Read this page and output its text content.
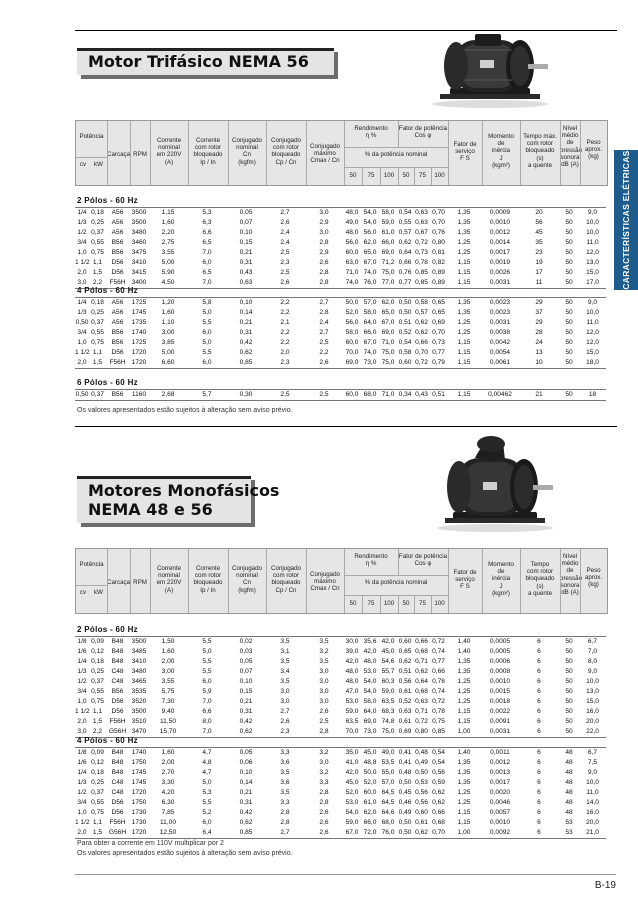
Motor Trifásico NEMA 56
CARACTERÍSTICAS ELÉTRICAS
Potência
cv	kW
Carcaça RPM
Corrente
nominal
em 220V
(A)
Corrente
com rotor
bloqueado
Ip / In
Conjugado
nominal
Cn
(kgfm)
Conjugado
com rotor
bloqueado
Cp / Cn
Conjugado
máximo
Cmax / Cn
Rendimento
η %
Fator de potência
Cos φ
% da potência nominal
50	75	100	50	75	100
Fator de
serviço
F S
Momento
de
inércia
J
(kgm²)
Tempo máx.
com rotor
bloqueado
(s)
a quente
Nível
médio
de
pressão
sonora
dB (A)
Peso
aprox.
(kg)
2 Pólos - 60 Hz
1/4 0,18	A56	3500	1,15	5,3	0,05	2,7	3,0	48,0 54,0 58,0 0,54 0,63 0,70	1,35	0,0009	20	50	9,0
1/3 0,25	A56	3500	1,60	6,3	0,07	2,6	2,9	49,0 54,0 59,0 0,55 0,63 0,70	1,35	0,0010	56	50	10,0
1/2 0,37	A56	3480	2,20	6,6	0,10	2,4	3,0	48,0 56,0 61,0 0,57 0,67 0,76	1,35	0,0012	45	50	10,0
3/4 0,55	B56	3460	2,75	6,5	0,15	2,4	2,8	56,0 62,0 66,0 0,62 0,72 0,80	1,25	0,0014	35	50	11,0
1,0 0,75	B56	3475	3,55	7,0	0,21	2,5	2,9	60,0 65,0 69,0 0,64 0,73 0,81	1,25	0,0017	23	50	12,0
1 1/2 1,1	D56	3410	5,00	6,0	0,31	2,3	2,6	63,0 67,0 71,2 0,66 0,78 0,82	1,15	0,0019	19	50	13,0
2,0 1,5	D56	3415	5,90	6,5	0,43	2,5	2,8	71,0 74,0 75,0 0,76 0,85 0,89	1,15	0,0026	17	50	15,0
3,0 2,2	F56H 3400	4,50	7,0	0,63	2,6	2,8	74,0 76,0 77,0 0,77 0,85 0,89	1,15	0,0031	11	50	17,0
4 Pólos - 60 Hz
1/4 0,18	A56	1725	1,20	5,8	0,10	2,2	2,7	50,0 57,0 62,0 0,50 0,58 0,65	1,35	0,0023	29	50	9,0
1/3 0,25	A56	1745	1,60	5,0	0,14	2,2	2,8	52,0 58,0 65,0 0,50 0,57 0,65	1,35	0,0023	37	50	10,0
0,50 0,37	A56	1735	1,10	5,5	0,21	2,1	2,4	56,0 64,0 67,0 0,51 0,62 0,69	1,25	0,0031	29	50	11,0
3/4 0,55	B56	1740	3,00	6,0	0,31	2,2	2,7	58,0 66,0 69,0 0,52 0,62 0,70	1,25	0,0038	28	50	12,0
1,0 0,75	B56	1725	3,85	5,0	0,42	2,2	2,5	60,0 67,0 71,0 0,54 0,66 0,73	1,15	0,0042	24	50	12,0
1 1/2 1,1	D56	1720	5,00	5,5	0,62	2,0	2,2	70,0 74,0 75,0 0,58 0,70 0,77	1,15	0,0054	13	50	15,0
2,0 1,5	F56H 1720	6,60	6,0	0,85	2,3	2,6	69,0 73,0 75,0 0,60 0,72 0,79	1,15	0,0061	10	50	18,0
6 Pólos - 60 Hz
0,50 0,37	B56	1160	2,68	5,7	0,30	2,5	2,5	60,0 68,0 71,0 0,34 0,43 0,51	1,15	0,00462	21	50	18
Os valores apresentados estão sujeitos à alteração sem aviso prévio.
Motores Monofásicos
NEMA 48 e 56
Potência
cv	kW
Carcaça RPM
Corrente
nominal
em 220V
(A)
Corrente
com rotor
bloqueado
Ip / In
Conjugado
nominal
Cn
(kgfm)
Conjugado
com rotor
bloqueado
Cp / Cn
Conjugado
máximo
Cmax / Cn
Rendimento
η %
Fator de potência
Cos φ
% da potência nominal
50	75	100	50	75	100
Fator de
serviço
F S
Momento
de
inércia
J
(kgm²)
Tempo
com rotor
bloqueado
(s)
a quente
Nível
médio
de
pressão
sonora
dB (A)
Peso
aprox.
(kg)
2 Pólos - 60 Hz
1/8 0,09	B48	3500	1,50	5,5	0,02	3,5	3,5	30,0 35,6 42,0 0,60 0,66 0,72	1,40	0,0005	6	50	6,7
1/6 0,12	B48	3485	1,60	5,0	0,03	3,1	3,2	39,0 42,0 45,0 0,65 0,68 0,74	1,40	0,0005	6	50	7,0
1/4 0,18	B48	3410	2,00	5,5	0,05	3,5	3,5	42,0 48,0 54,6 0,62 0,71 0,77	1,35	0,0006	6	50	8,0
1/3 0,25	C48	3480	3,00	5,5	0,07	3,4	3,0	48,0 53,0 55,7 0,51 0,62 0,66	1,35	0,0008	6	50	9,0
1/2 0,37	C48	3465	3,55	6,0	0,10	3,5	3,0	48,0 54,0 60,3 0,56 0,64 0,78	1,25	0,0010	6	50	10,0
3/4 0,55	B56	3535	5,75	5,9	0,15	3,0	3,0	47,0 54,0 59,0 0,61 0,68 0,74	1,25	0,0015	6	50	13,0
1,0 0,75	D56	3520	7,30	7,0	0,21	3,0	3,0	53,0 58,0 63,5 0,52 0,63 0,72	1,25	0,0018	6	50	15,0
1 1/2 1,1	D56	3500	9,40	6,6	0,31	2,7	2,6	59,0 64,0 68,3 0,63 0,71 0,78	1,15	0,0022	6	50	16,0
2,0 1,5	F56H 3510	11,50	8,0	0,42	2,6	2,5	63,5 69,0 74,8 0,61 0,72 0,75	1,15	0,0091	6	50	20,0
3,0 2,2	G56H 3470	15,70	7,0	0,62	2,3	2,8	70,0 73,0 75,0 0,69 0,80 0,85	1,00	0,0031	6	50	22,0
4 Pólos - 60 Hz
1/8 0,09	B48	1740	1,60	4,7	0,05	3,3	3,2	35,0 45,0 49,0 0,41 0,48 0,54	1,40	0,0011	6	48	6,7
1/6 0,12	B48	1750	2,00	4,8	0,06	3,6	3,0	41,0 48,8 53,5 0,41 0,49 0,54	1,35	0,0012	6	48	7,5
1/4 0,18	B48	1745	2,70	4,7	0,10	3,5	3,2	42,0 50,0 55,0 0,48 0,50 0,56	1,35	0,0013	6	48	9,0
1/3 0,25	C48	1745	3,30	5,0	0,14	3,6	3,3	45,0 52,0 57,0 0,50 0,53 0,59	1,35	0,0017	6	48	10,0
1/2 0,37	C48	1720	4,20	5,3	0,21	3,5	2,8	52,0 60,0 64,5 0,45 0,56 0,62	1,25	0,0020	6	48	11,0
3/4 0,55	D56	1750	6,30	5,5	0,31	3,3	2,8	53,0 61,0 64,5 0,46 0,56 0,62	1,25	0,0046	6	48	14,0
1,0 0,75	D56	1730	7,85	5,2	0,42	2,8	2,6	54,0 62,0 64,6 0,49 0,60 0,66	1,15	0,0057	6	48	16,0
1 1/2 1,1	F56H 1730	11,00	6,0	0,62	2,8	2,6	59,0 66,0 68,0 0,50 0,61 0,68	1,15	0,0010	6	53	20,0
2,0 1,5	G56H 1720	12,50	6,4	0,85	2,7	2,6	67,0 72,0 76,0 0,50 0,62 0,70	1,00	0,0092	6	53	21,0
Para obter a corrente em 110V multiplicar por 2
Os valores apresentados estão sujeitos à alteração sem aviso prévio.
B-19
